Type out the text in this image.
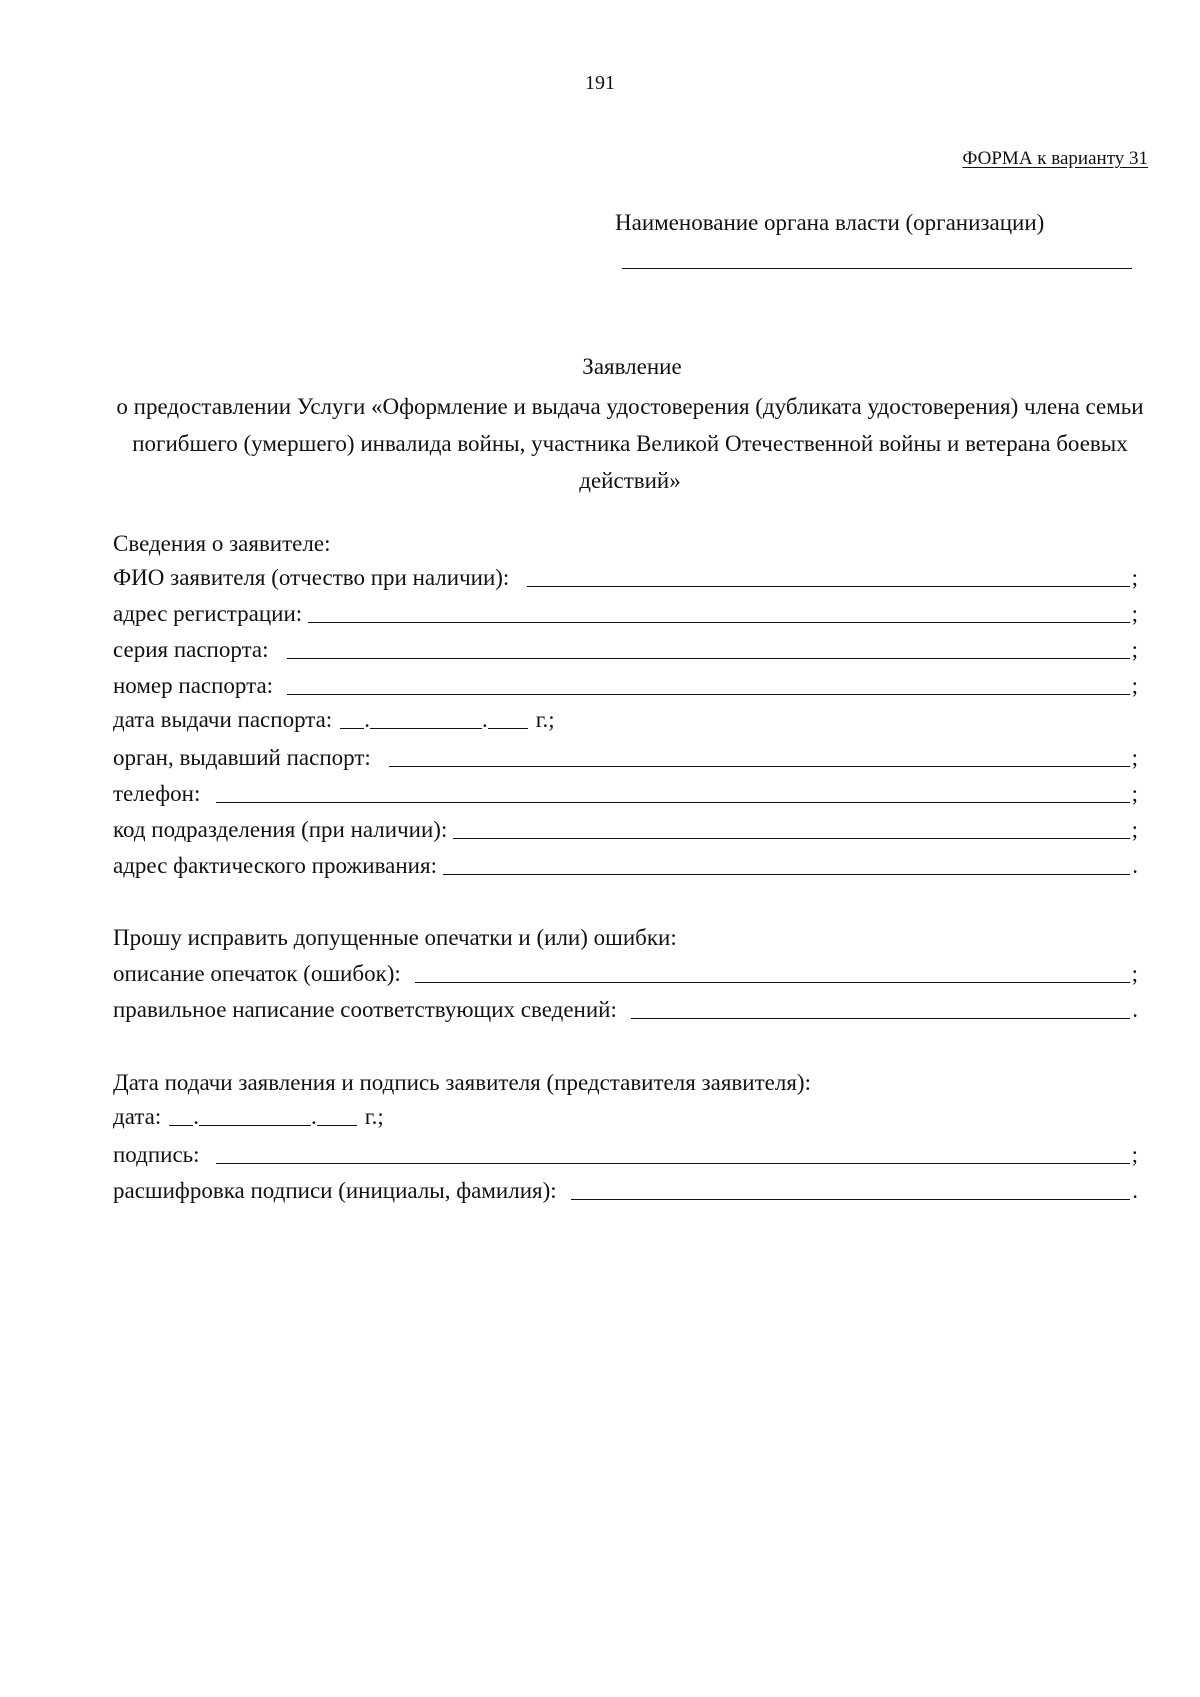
191
ФОРМА к варианту 31
Наименование органа власти (организации)
Заявление
о предоставлении Услуги «Оформление и выдача удостоверения (дубликата удостоверения) члена семьи погибшего (умершего) инвалида войны, участника Великой Отечественной войны и ветерана боевых действий»
Сведения о заявителе:
ФИО заявителя (отчество при наличии):	;
адрес регистрации:	;
серия паспорта:	;
номер паспорта:	;
дата выдачи паспорта: .	. г.;
орган, выдавший паспорт:	;
телефон:	;
код подразделения (при наличии):	;
адрес фактического проживания:	.
Прошу исправить допущенные опечатки и (или) ошибки:
описание опечаток (ошибок):	;
правильное написание соответствующих сведений:	.
Дата подачи заявления и подпись заявителя (представителя заявителя):
дата: .	. г.;
подпись:	;
расшифровка подписи (инициалы, фамилия):	.
